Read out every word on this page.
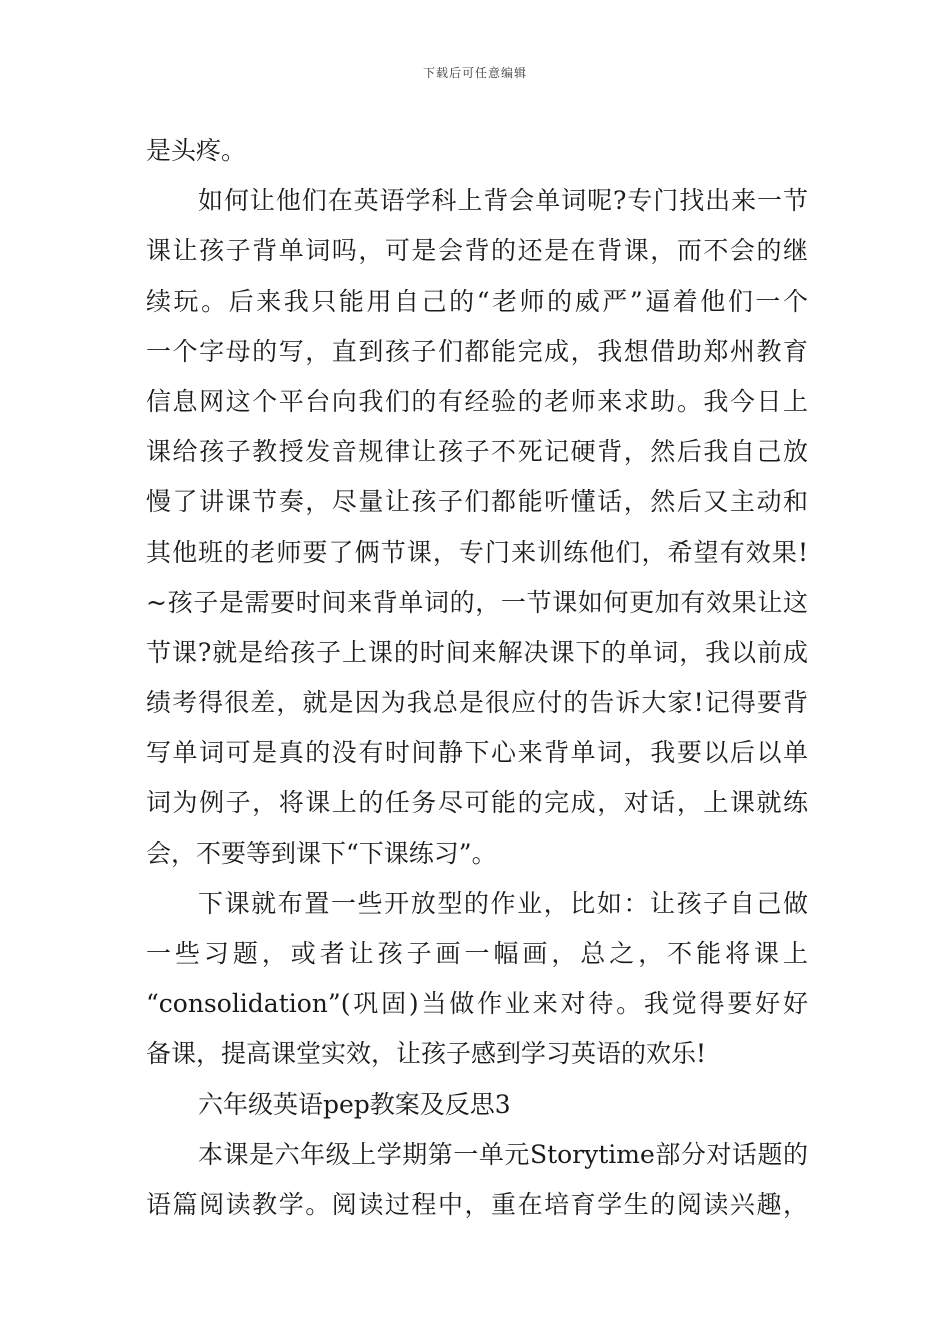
下载后可任意编辑
是头疼。
如何让他们在英语学科上背会单词呢?专门找出来一节
课让孩子背单词吗，可是会背的还是在背课，而不会的继
续玩。后来我只能用自己的“老师的威严”逼着他们一个
一个字母的写，直到孩子们都能完成，我想借助郑州教育
信息网这个平台向我们的有经验的老师来求助。我今日上
课给孩子教授发音规律让孩子不死记硬背，然后我自己放
慢了讲课节奏，尽量让孩子们都能听懂话，然后又主动和
其他班的老师要了俩节课，专门来训练他们，希望有效果!
~孩子是需要时间来背单词的，一节课如何更加有效果让这
节课?就是给孩子上课的时间来解决课下的单词，我以前成
绩考得很差，就是因为我总是很应付的告诉大家!记得要背
写单词可是真的没有时间静下心来背单词，我要以后以单
词为例子，将课上的任务尽可能的完成，对话，上课就练
会，不要等到课下“下课练习”。
下课就布置一些开放型的作业，比如：让孩子自己做
一些习题，或者让孩子画一幅画，总之，不能将课上
“consolidation”(巩固)当做作业来对待。我觉得要好好
备课，提高课堂实效，让孩子感到学习英语的欢乐!
六年级英语pep教案及反思3
本课是六年级上学期第一单元Storytime部分对话题的
语篇阅读教学。阅读过程中，重在培育学生的阅读兴趣，
